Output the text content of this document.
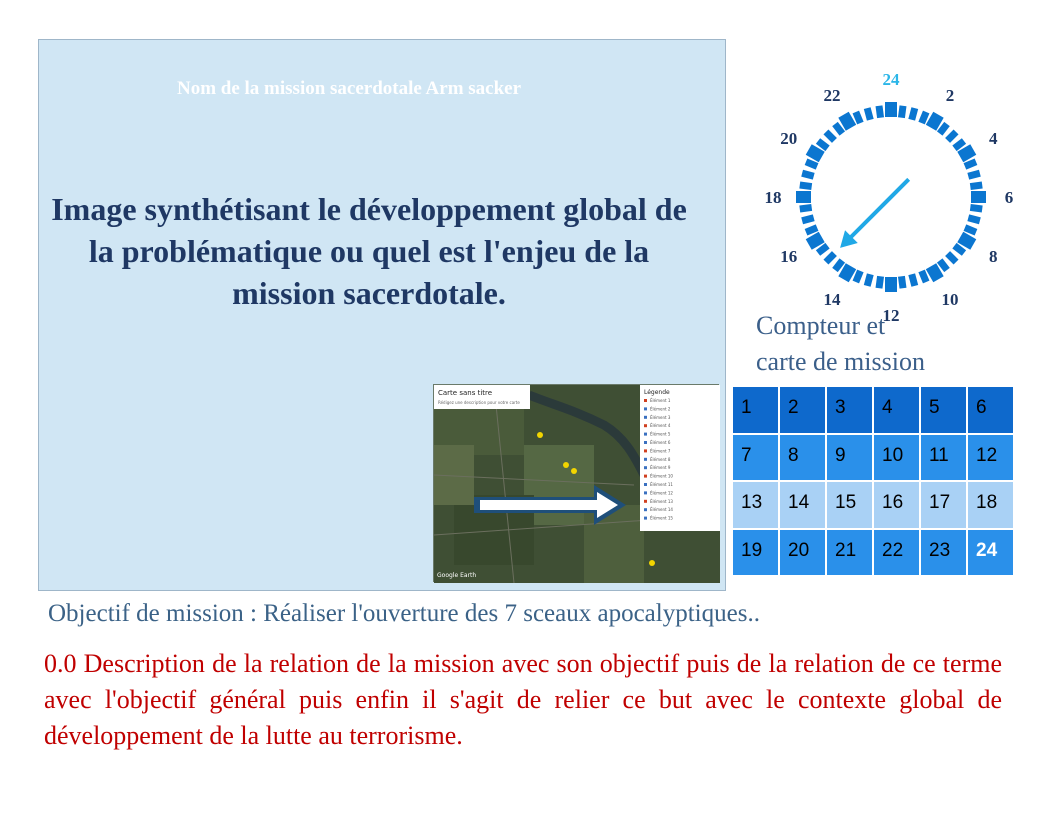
Nom de la mission sacerdotale Arm sacker
Image synthétisant le développement global de la problématique ou quel est l'enjeu de la mission sacerdotale.
Carte sans titre
Rédigez une description pour votre carte
Légende
Élément 1
Élément 2
Élément 3
Élément 4
Élément 5
Élément 6
Élément 7
Élément 8
Élément 9
Élément 10
Élément 11
Élément 12
Élément 13
Élément 14
Élément 15
Google Earth
24
2
4
6
8
10
12
14
16
18
20
22
Compteur et
carte de mission
1	2	3	4	5	6
7	8	9	10	11	12
13	14	15	16	17	18
19	20	21	22	23	24
Objectif de mission : Réaliser l'ouverture des 7 sceaux apocalyptiques..
0.0 Description de la relation de la mission avec son objectif puis de la relation de ce terme avec l'objectif général puis enfin il s'agit de relier ce but avec le contexte global de développement de la lutte au terrorisme.
